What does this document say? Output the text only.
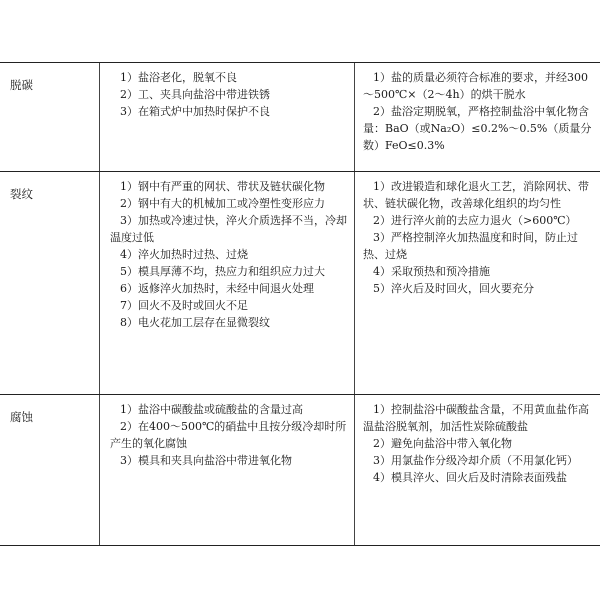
脱碳

1）盐浴老化，脱氧不良

2）工、夹具向盐浴中带进铁锈

3）在箱式炉中加热时保护不良

1）盐的质量必须符合标准的要求，并经300～500℃×（2～4h）的烘干脱水

2）盐浴定期脱氧，严格控制盐浴中氧化物含量：BaO（或Na₂O）≤0.2%～0.5%（质量分数）FeO≤0.3%

裂纹

1）钢中有严重的网状、带状及链状碳化物

2）钢中有大的机械加工或冷塑性变形应力

3）加热或冷速过快，淬火介质选择不当，冷却温度过低

4）淬火加热时过热、过烧

5）模具厚薄不均，热应力和组织应力过大

6）返修淬火加热时，未经中间退火处理

7）回火不及时或回火不足

8）电火花加工层存在显微裂纹

1）改进锻造和球化退火工艺，消除网状、带状、链状碳化物，改善球化组织的均匀性

2）进行淬火前的去应力退火（>600℃）

3）严格控制淬火加热温度和时间，防止过热、过烧

4）采取预热和预冷措施

5）淬火后及时回火，回火要充分

腐蚀

1）盐浴中碳酸盐或硫酸盐的含量过高

2）在400～500℃的硝盐中且按分级冷却时所产生的氧化腐蚀

3）模具和夹具向盐浴中带进氧化物

1）控制盐浴中碳酸盐含量，不用黄血盐作高温盐浴脱氧剂，加活性炭除硫酸盐

2）避免向盐浴中带入氧化物

3）用氯盐作分级冷却介质（不用氯化钙）

4）模具淬火、回火后及时清除表面残盐
